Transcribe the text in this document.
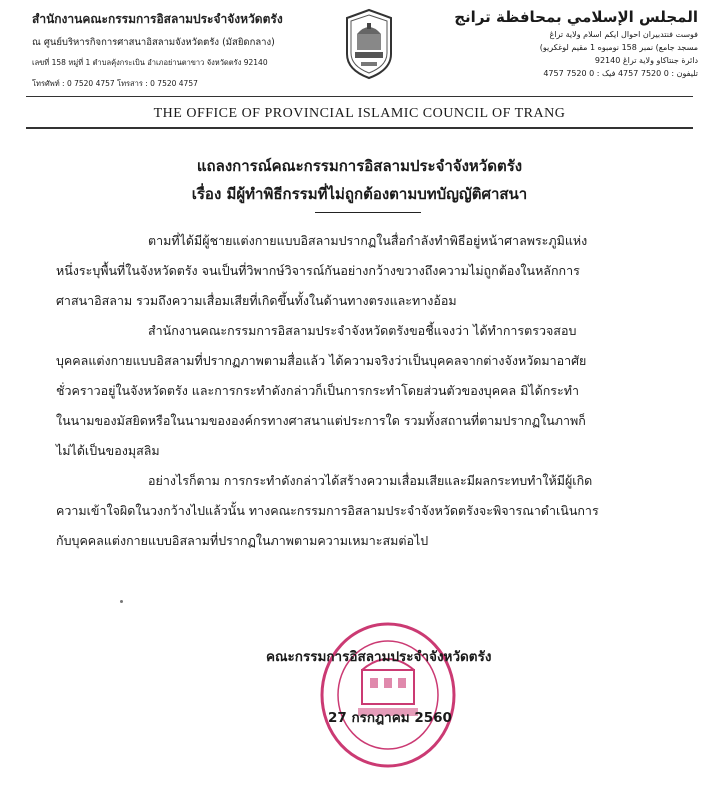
สำนักงานคณะกรรมการอิสลามประจำจังหวัดตรัง
ณ ศูนย์บริหารกิจการศาสนาอิสลามจังหวัดตรัง (มัสยิดกลาง)
เลขที่ 158 หมู่ที่ 1 ตำบลคุ้งกระเบิน อำเภอย่านตาขาว จังหวัดตรัง 92140
โทรศัพท์ : 0 7520 4757 โทรสาร : 0 7520 4757
المجلس الإسلامي بمحافظة ترانج
فوست فنتدبيران احوال ايكم اسلام ولاية تراڠ
مسجد جامع) نمبر 158 نومبوه 1 مقيم لوغكريو)
دائرة جنتاكاو ولاية تراڠ 92140
تليفون : 0 7520 4757 فيک : 0 7520 4757
THE OFFICE OF PROVINCIAL ISLAMIC COUNCIL OF TRANG
แถลงการณ์คณะกรรมการอิสลามประจำจังหวัดตรัง
เรื่อง มีผู้ทำพิธีกรรมที่ไม่ถูกต้องตามบทบัญญัติศาสนา
ตามที่ได้มีผู้ชายแต่งกายแบบอิสลามปรากฏในสื่อกำลังทำพิธีอยู่หน้าศาลพระภูมิแห่ง
หนึ่งระบุพื้นที่ในจังหวัดตรัง จนเป็นที่วิพากษ์วิจารณ์กันอย่างกว้างขวางถึงความไม่ถูกต้องในหลักการ
ศาสนาอิสลาม รวมถึงความเสื่อมเสียที่เกิดขึ้นทั้งในด้านทางตรงและทางอ้อม
สำนักงานคณะกรรมการอิสลามประจำจังหวัดตรังขอชี้แจงว่า ได้ทำการตรวจสอบ
บุคคลแต่งกายแบบอิสลามที่ปรากฏภาพตามสื่อแล้ว ได้ความจริงว่าเป็นบุคคลจากต่างจังหวัดมาอาศัย
ชั่วคราวอยู่ในจังหวัดตรัง และการกระทำดังกล่าวก็เป็นการกระทำโดยส่วนตัวของบุคคล มิได้กระทำ
ในนามของมัสยิดหรือในนามขององค์กรทางศาสนาแต่ประการใด รวมทั้งสถานที่ตามปรากฏในภาพก็
ไม่ได้เป็นของมุสลิม
อย่างไรก็ตาม การกระทำดังกล่าวได้สร้างความเสื่อมเสียและมีผลกระทบทำให้มีผู้เกิด
ความเข้าใจผิดในวงกว้างไปแล้วนั้น ทางคณะกรรมการอิสลามประจำจังหวัดตรังจะพิจารณาดำเนินการ
กับบุคคลแต่งกายแบบอิสลามที่ปรากฏในภาพตามความเหมาะสมต่อไป
คณะกรรมการอิสลามประจำจังหวัดตรัง
27 กรกฎาคม 2560
